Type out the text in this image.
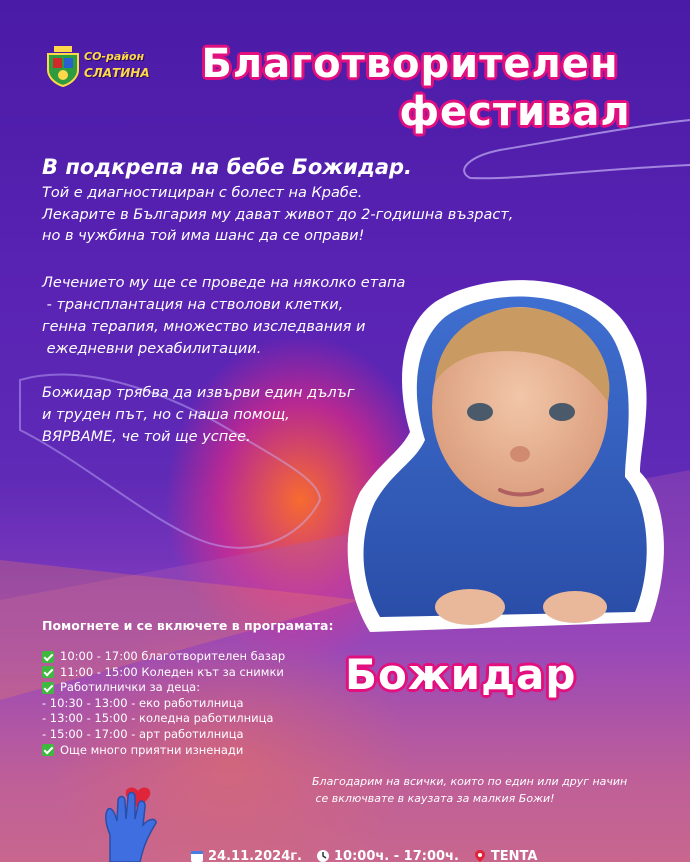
СО-район
СЛАТИНА	Благотворителен
фестивал
В подкрепа на бебе Божидар.

Той е диагностициран с болест на Крабе.

Лекарите в България му дават живот до 2-годишна възраст,

но в чужбина той има шанс да се оправи!

Лечението му ще се проведе на няколко етапа
- трансплантация на стволови клетки,
генна терапия, множество изследвания и
ежедневни рехабилитации.
Божидар трябва да извърви един дълъг
и труден път, но с наша помощ,
ВЯРВАМЕ, че той ще успее.
Божидар
Помогнете и се включете в програмата:
10:00 - 17:00 благотворителен базар
11:00 - 15:00 Коледен кът за снимки
Работилнички за деца:
- 10:30 - 13:00 - еко работилница
- 13:00 - 15:00 - коледна работилница
- 15:00 - 17:00 - арт работилница
Още много приятни изненади
Благодарим на всички, които по един или друг начин
се включвате в каузата за малкия Божи!
24.11.2024г. 10:00ч. - 17:00ч. TENTA
